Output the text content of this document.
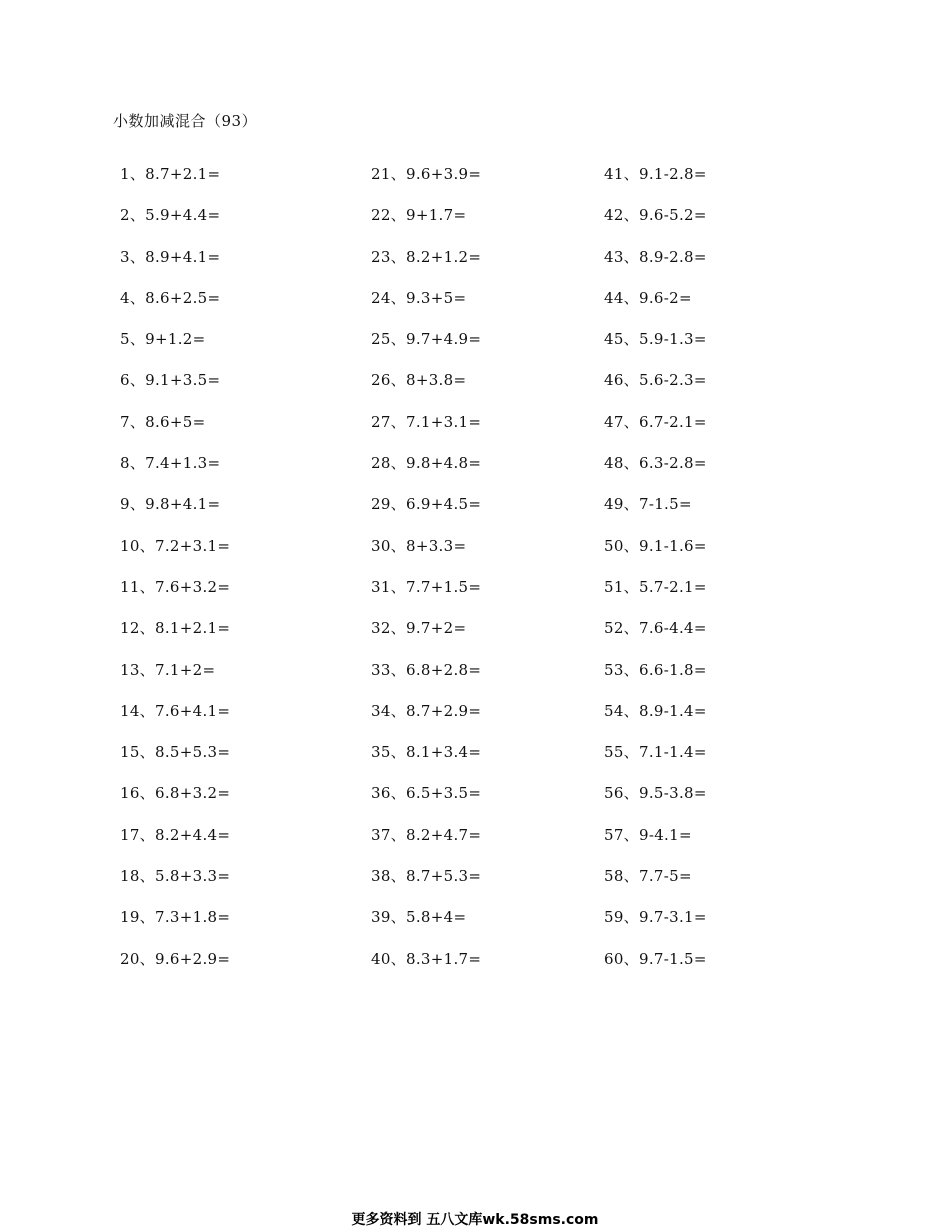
小数加减混合（93）
1、8.7+2.1=
2、5.9+4.4=
3、8.9+4.1=
4、8.6+2.5=
5、9+1.2=
6、9.1+3.5=
7、8.6+5=
8、7.4+1.3=
9、9.8+4.1=
10、7.2+3.1=
11、7.6+3.2=
12、8.1+2.1=
13、7.1+2=
14、7.6+4.1=
15、8.5+5.3=
16、6.8+3.2=
17、8.2+4.4=
18、5.8+3.3=
19、7.3+1.8=
20、9.6+2.9=
21、9.6+3.9=
22、9+1.7=
23、8.2+1.2=
24、9.3+5=
25、9.7+4.9=
26、8+3.8=
27、7.1+3.1=
28、9.8+4.8=
29、6.9+4.5=
30、8+3.3=
31、7.7+1.5=
32、9.7+2=
33、6.8+2.8=
34、8.7+2.9=
35、8.1+3.4=
36、6.5+3.5=
37、8.2+4.7=
38、8.7+5.3=
39、5.8+4=
40、8.3+1.7=
41、9.1-2.8=
42、9.6-5.2=
43、8.9-2.8=
44、9.6-2=
45、5.9-1.3=
46、5.6-2.3=
47、6.7-2.1=
48、6.3-2.8=
49、7-1.5=
50、9.1-1.6=
51、5.7-2.1=
52、7.6-4.4=
53、6.6-1.8=
54、8.9-1.4=
55、7.1-1.4=
56、9.5-3.8=
57、9-4.1=
58、7.7-5=
59、9.7-3.1=
60、9.7-1.5=
更多资料到 五八文库wk.58sms.com
